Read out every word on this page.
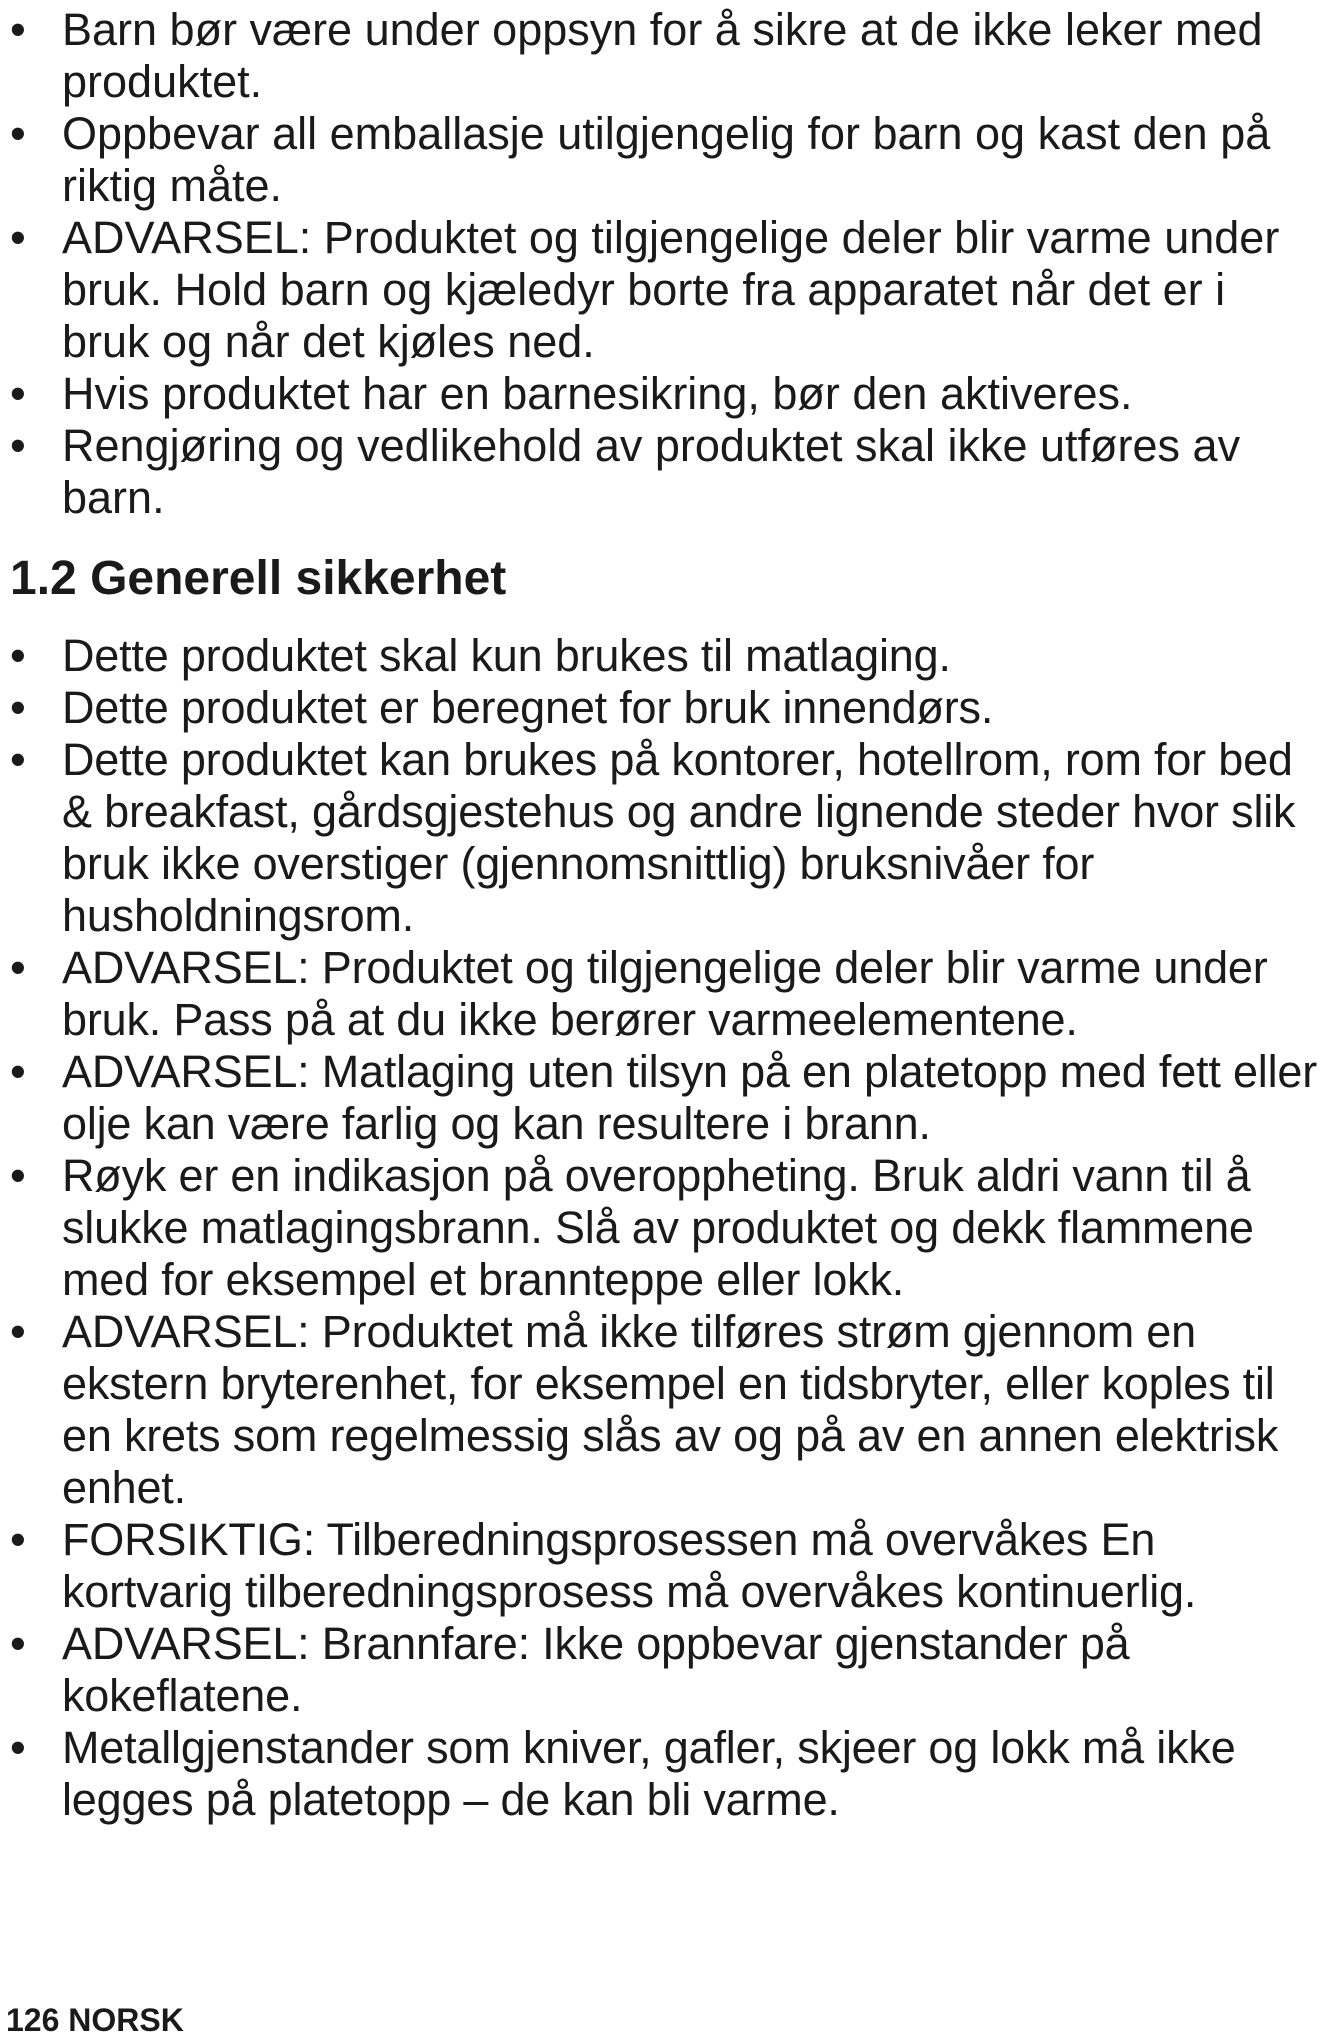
• Barn bør være under oppsyn for å sikre at de ikke leker med produktet.
• Oppbevar all emballasje utilgjengelig for barn og kast den på riktig måte.
• ADVARSEL: Produktet og tilgjengelige deler blir varme under bruk. Hold barn og kjæledyr borte fra apparatet når det er i bruk og når det kjøles ned.
• Hvis produktet har en barnesikring, bør den aktiveres.
• Rengjøring og vedlikehold av produktet skal ikke utføres av barn.
1.2 Generell sikkerhet
• Dette produktet skal kun brukes til matlaging.
• Dette produktet er beregnet for bruk innendørs.
• Dette produktet kan brukes på kontorer, hotellrom, rom for bed & breakfast, gårdsgjestehus og andre lignende steder hvor slik bruk ikke overstiger (gjennomsnittlig) bruksnivåer for husholdningsrom.
• ADVARSEL: Produktet og tilgjengelige deler blir varme under bruk. Pass på at du ikke berører varmeelementene.
• ADVARSEL: Matlaging uten tilsyn på en platetopp med fett eller olje kan være farlig og kan resultere i brann.
• Røyk er en indikasjon på overoppheting. Bruk aldri vann til å slukke matlagingsbrann. Slå av produktet og dekk flammene med for eksempel et brannteppe eller lokk.
• ADVARSEL: Produktet må ikke tilføres strøm gjennom en ekstern bryterenhet, for eksempel en tidsbryter, eller koples til en krets som regelmessig slås av og på av en annen elektrisk enhet.
• FORSIKTIG: Tilberedningsprosessen må overvåkes En kortvarig tilberedningsprosess må overvåkes kontinuerlig.
• ADVARSEL: Brannfare: Ikke oppbevar gjenstander på kokeflatene.
• Metallgjenstander som kniver, gafler, skjeer og lokk må ikke legges på platetopp – de kan bli varme.

126 NORSK
